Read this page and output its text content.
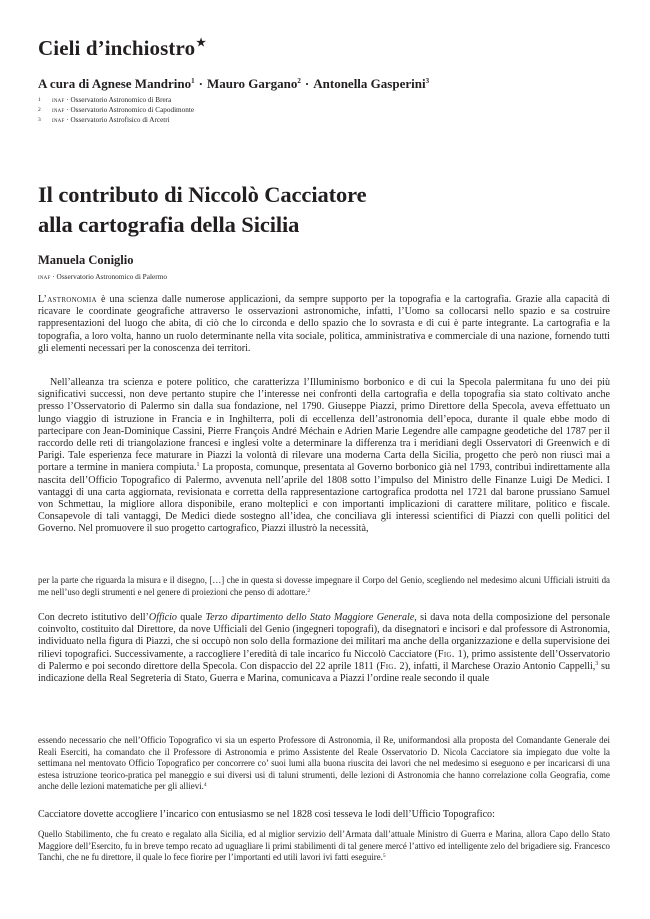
Cieli d’inchiostro★
A cura di Agnese Mandrino$^1$ · Mauro Gargano$^2$ · Antonella Gasperini$^3$
1 inaf · Osservatorio Astronomico di Brera
2 inaf · Osservatorio Astronomico di Capodimonte
3 inaf · Osservatorio Astrofisico di Arcetri
Il contributo di Niccolò Cacciatore
alla cartografia della Sicilia
Manuela Coniglio
inaf · Osservatorio Astronomico di Palermo

L’astronomia è una scienza dalle numerose applicazioni, da sempre supporto per la topografia e la cartografia. Grazie alla capacità di ricavare le coordinate geografiche attraverso le osservazioni astronomiche, infatti, l’Uomo sa collocarsi nello spazio e sa costruire rappresentazioni del luogo che abita, di ciò che lo circonda e dello spazio che lo sovrasta e di cui è parte integrante. La cartografia e la topografia, a loro volta, hanno un ruolo determinante nella vita sociale, politica, amministrativa e commerciale di una nazione, fornendo tutti gli elementi necessari per la conoscenza dei territori.

Nell’alleanza tra scienza e potere politico, che caratterizza l’Illuminismo borbonico e di cui la Specola palermitana fu uno dei più significativi successi, non deve pertanto stupire che l’interesse nei confronti della cartografia e della topografia sia stato coltivato anche presso l’Osservatorio di Palermo sin dalla sua fondazione, nel 1790. Giuseppe Piazzi, primo Direttore della Specola, aveva effettuato un lungo viaggio di istruzione in Francia e in Inghilterra, poli di eccellenza dell’astronomia dell’epoca, durante il quale ebbe modo di partecipare con Jean-Dominique Cassini, Pierre François André Méchain e Adrien Marie Legendre alle campagne geodetiche del 1787 per il raccordo delle reti di triangolazione francesi e inglesi volte a determinare la differenza tra i meridiani degli Osservatori di Greenwich e di Parigi. Tale esperienza fece maturare in Piazzi la volontà di rilevare una moderna Carta della Sicilia, progetto che però non riuscì mai a portare a termine in maniera compiuta.$^1$ La proposta, comunque, presentata al Governo borbonico già nel 1793, contribuì indirettamente alla nascita dell’Officio Topografico di Palermo, avvenuta nell’aprile del 1808 sotto l’impulso del Ministro delle Finanze Luigi De Medici. I vantaggi di una carta aggiornata, revisionata e corretta della rappresentazione cartografica prodotta nel 1721 dal barone prussiano Samuel von Schmettau, la migliore allora disponibile, erano molteplici e con importanti implicazioni di carattere militare, politico e fiscale. Consapevole di tali vantaggi, De Medici diede sostegno all’idea, che conciliava gli interessi scientifici di Piazzi con quelli politici del Governo. Nel promuovere il suo progetto cartografico, Piazzi illustrò la necessità,

per la parte che riguarda la misura e il disegno, […] che in questa si dovesse impegnare il Corpo del Genio, scegliendo nel medesimo alcuni Ufficiali istruiti da me nell’uso degli strumenti e nel genere di proiezioni che penso di adottare.$^2$

Con decreto istitutivo dell’Officio quale Terzo dipartimento dello Stato Maggiore Generale, si dava nota della composizione del personale coinvolto, costituito dal Direttore, da nove Ufficiali del Genio (ingegneri topografi), da disegnatori e incisori e dal professore di Astronomia, individuato nella figura di Piazzi, che si occupò non solo della formazione dei militari ma anche della organizzazione e della supervisione dei rilievi topografici. Successivamente, a raccogliere l’eredità di tale incarico fu Niccolò Cacciatore (Fig. 1), primo assistente dell’Osservatorio di Palermo e poi secondo direttore della Specola. Con dispaccio del 22 aprile 1811 (Fig. 2), infatti, il Marchese Orazio Antonio Cappelli,$^3$ su indicazione della Real Segreteria di Stato, Guerra e Marina, comunicava a Piazzi l’ordine reale secondo il quale

essendo necessario che nell’Officio Topografico vi sia un esperto Professore di Astronomia, il Re, uniformandosi alla proposta del Comandante Generale dei Reali Eserciti, ha comandato che il Professore di Astronomia e primo Assistente del Reale Osservatorio D. Nicola Cacciatore sia impiegato due volte la settimana nel mentovato Officio Topografico per concorrere co’ suoi lumi alla buona riuscita dei lavori che nel medesimo si eseguono e per incaricarsi di una estesa istruzione teorico-pratica pel maneggio e sui diversi usi di taluni strumenti, delle lezioni di Astronomia che hanno correlazione colla Geografia, come anche delle lezioni matematiche per gli allievi.$^4$

Cacciatore dovette accogliere l’incarico con entusiasmo se nel 1828 così tesseva le lodi dell’Ufficio Topografico:

Quello Stabilimento, che fu creato e regalato alla Sicilia, ed al miglior servizio dell’Armata dall’attuale Ministro di Guerra e Marina, allora Capo dello Stato Maggiore dell’Esercito, fu in breve tempo recato ad uguagliare li primi stabilimenti di tal genere mercé l’attivo ed intelligente zelo del brigadiere sig. Francesco Tanchi, che ne fu direttore, il quale lo fece fiorire per l’importanti ed utili lavori ivi fatti eseguire.$^5$
